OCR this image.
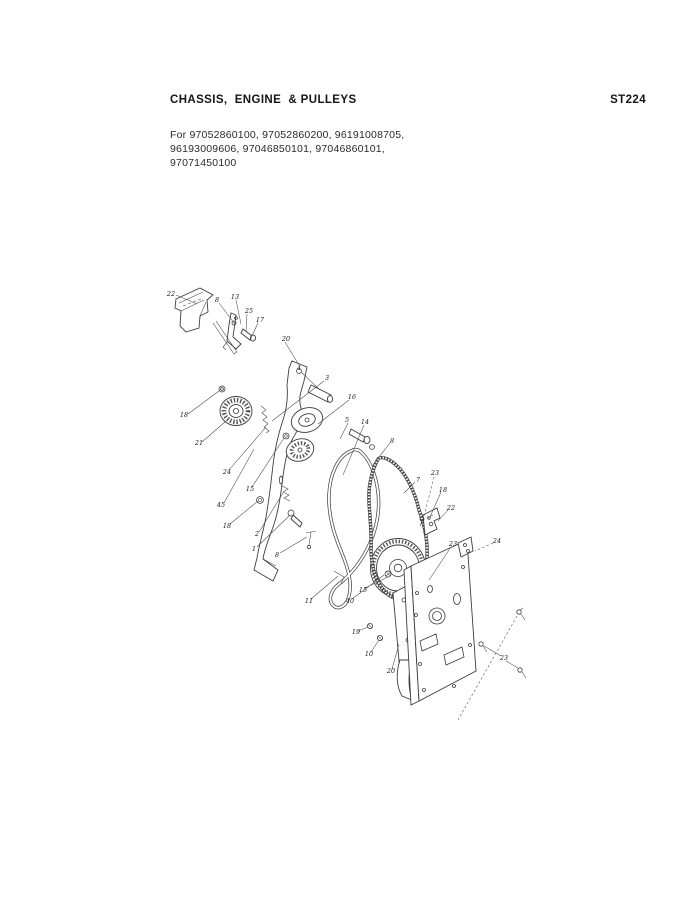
CHASSIS,  ENGINE  & PULLEYS	ST224
For 97052860100, 97052860200, 96191008705,
96193009606, 97046850101, 97046860101,
97071450100
22
8 13
25
17
20
4
3
16
18
21
24
15
45
18
2
1
8
11	40
15
19
10
20
5 14
8
7
23
18
22
23	24
23
